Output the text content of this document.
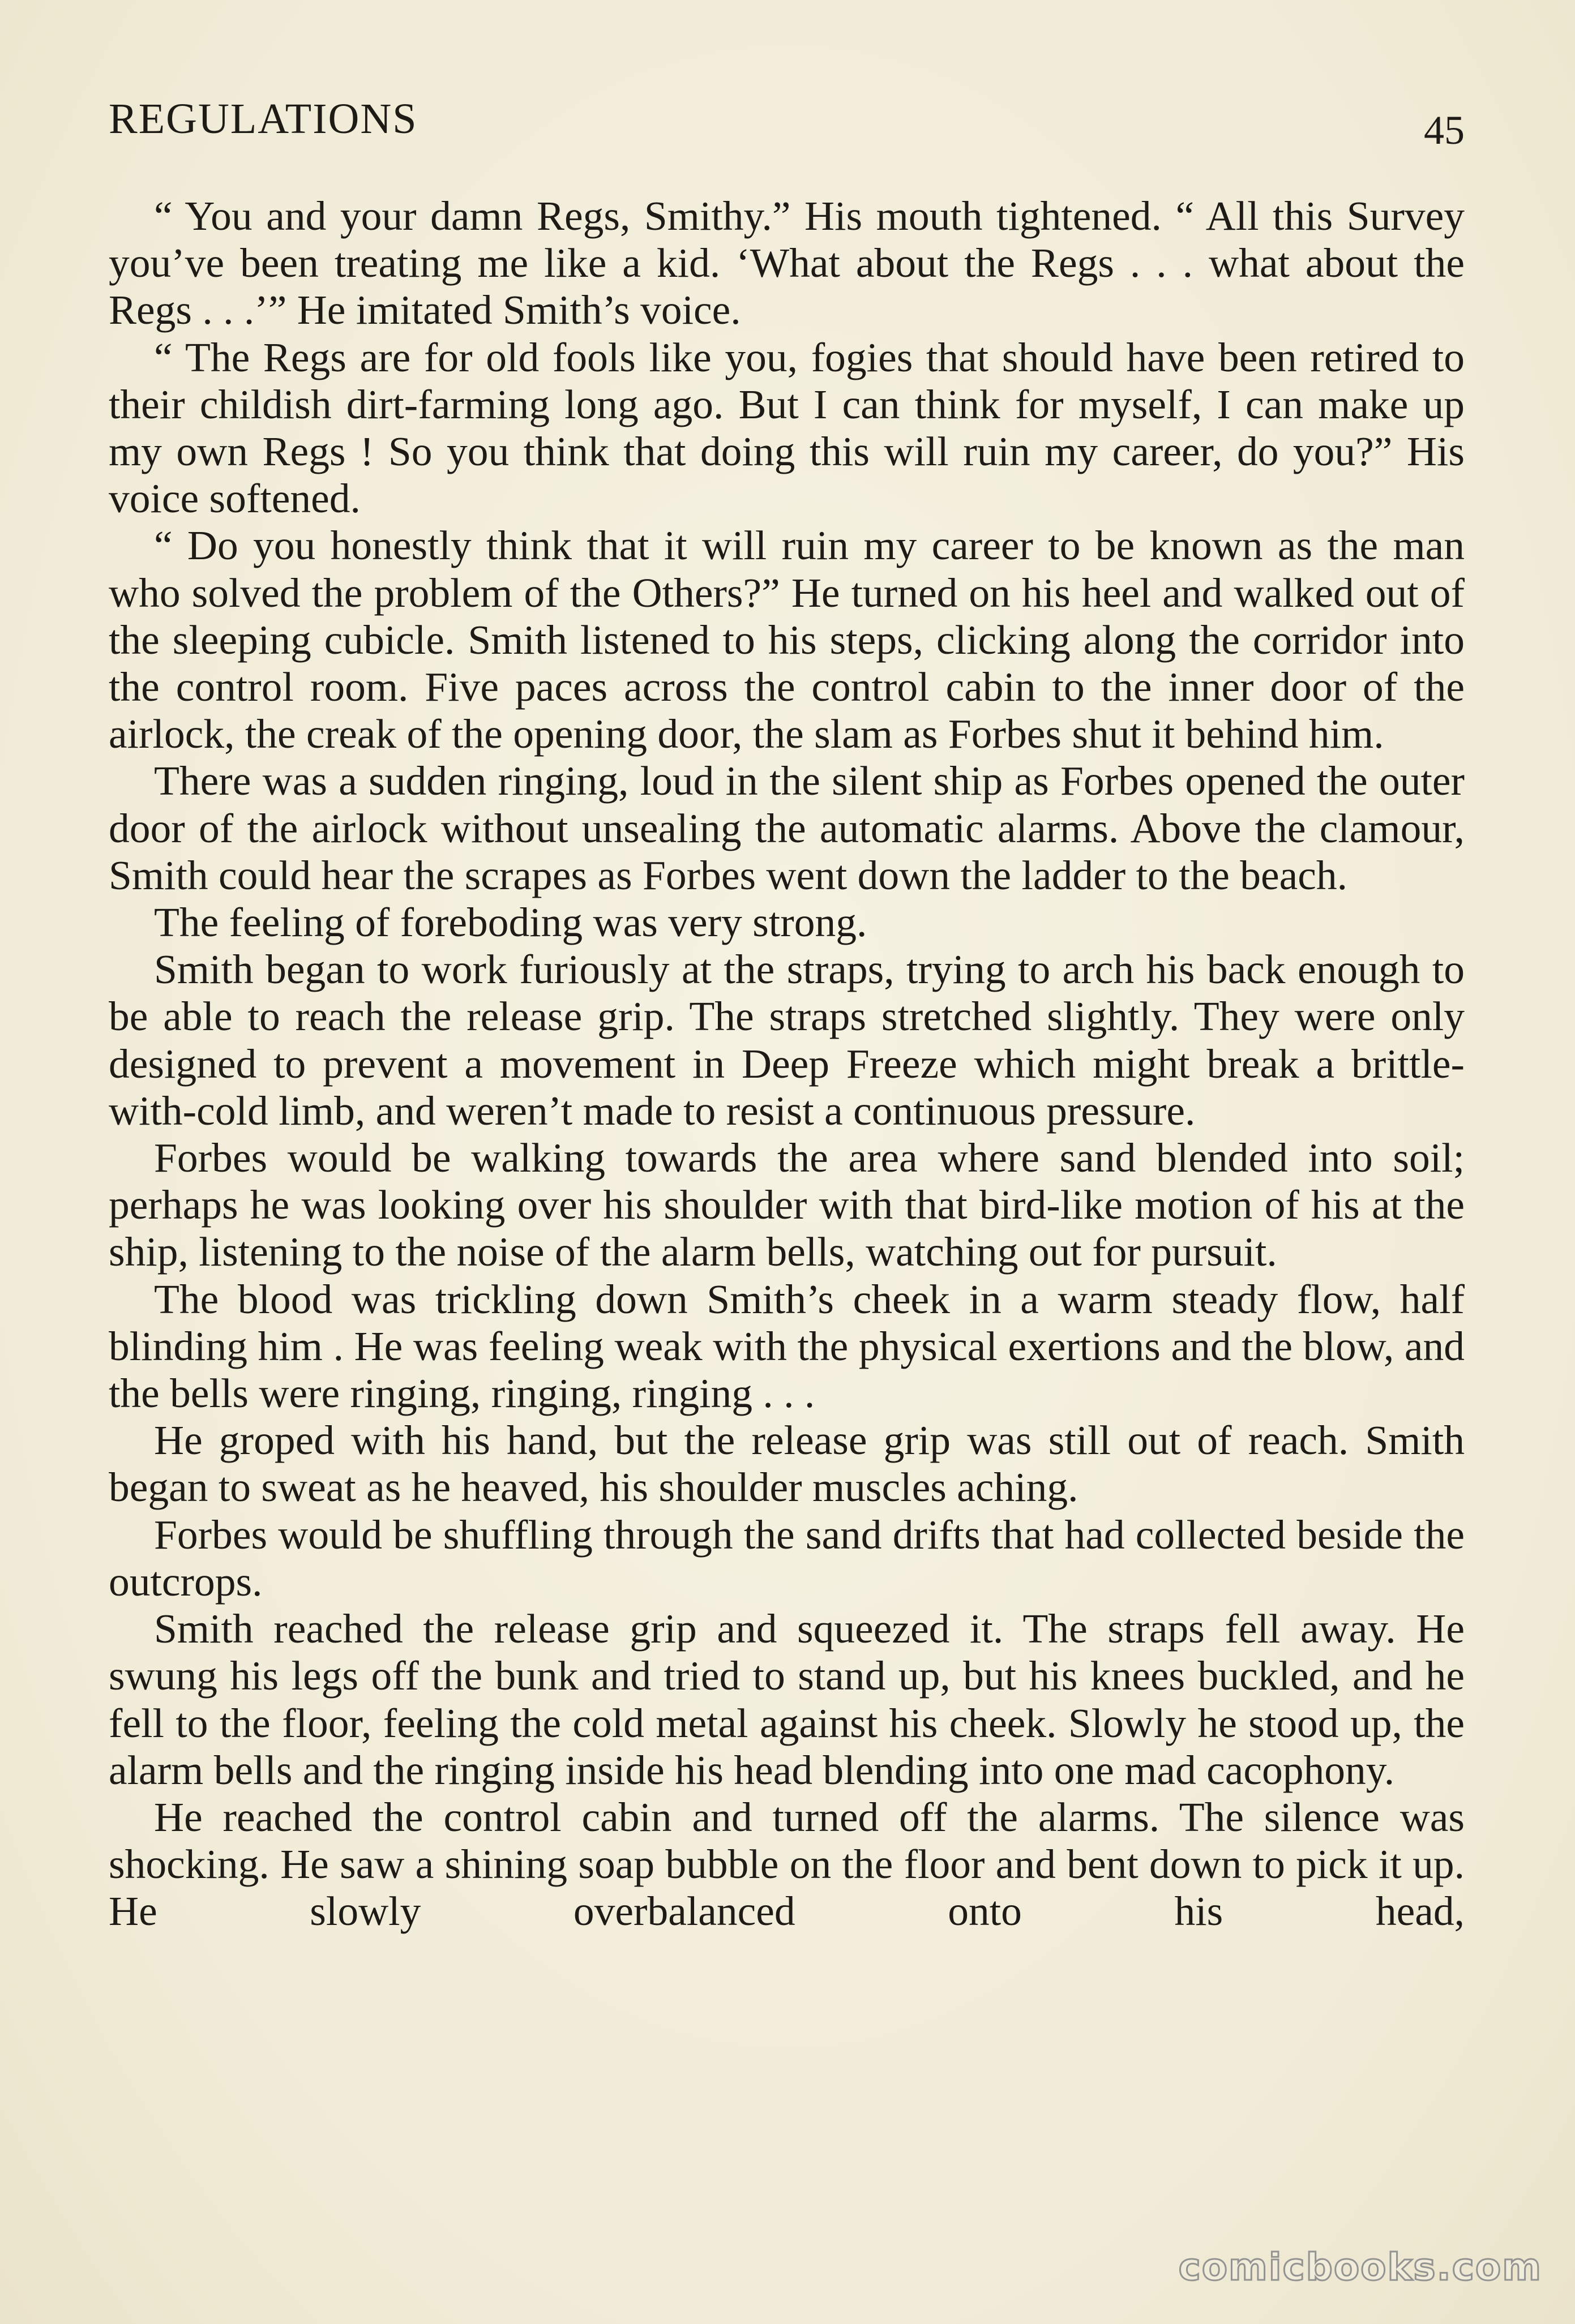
REGULATIONS	45

“ You and your damn Regs, Smithy.” His mouth tightened. “ All this Survey you’ve been treating me like a kid. ‘What about the Regs . . . what about the Regs . . .’” He imitated Smith’s voice.

“ The Regs are for old fools like you, fogies that should have been retired to their childish dirt-farming long ago. But I can think for myself, I can make up my own Regs ! So you think that doing this will ruin my career, do you?” His voice softened.

“ Do you honestly think that it will ruin my career to be known as the man who solved the problem of the Others?” He turned on his heel and walked out of the sleeping cubicle. Smith listened to his steps, clicking along the corridor into the control room. Five paces across the control cabin to the inner door of the airlock, the creak of the opening door, the slam as Forbes shut it behind him.

There was a sudden ringing, loud in the silent ship as Forbes opened the outer door of the airlock without unsealing the automatic alarms. Above the clamour, Smith could hear the scrapes as Forbes went down the ladder to the beach.

The feeling of foreboding was very strong.

Smith began to work furiously at the straps, trying to arch his back enough to be able to reach the release grip. The straps stretched slightly. They were only designed to prevent a movement in Deep Freeze which might break a brittle-with-cold limb, and weren’t made to resist a continuous pressure.

Forbes would be walking towards the area where sand blended into soil; perhaps he was looking over his shoulder with that bird-like motion of his at the ship, listening to the noise of the alarm bells, watching out for pursuit.

The blood was trickling down Smith’s cheek in a warm steady flow, half blinding him . He was feeling weak with the physical exertions and the blow, and the bells were ringing, ringing, ringing . . .

He groped with his hand, but the release grip was still out of reach. Smith began to sweat as he heaved, his shoulder muscles aching.

Forbes would be shuffling through the sand drifts that had collected beside the outcrops.

Smith reached the release grip and squeezed it. The straps fell away. He swung his legs off the bunk and tried to stand up, but his knees buckled, and he fell to the floor, feeling the cold metal against his cheek. Slowly he stood up, the alarm bells and the ringing inside his head blending into one mad cacophony.

He reached the control cabin and turned off the alarms. The silence was shocking. He saw a shining soap bubble on the floor and bent down to pick it up. He slowly overbalanced onto his head,

comicbooks.com
